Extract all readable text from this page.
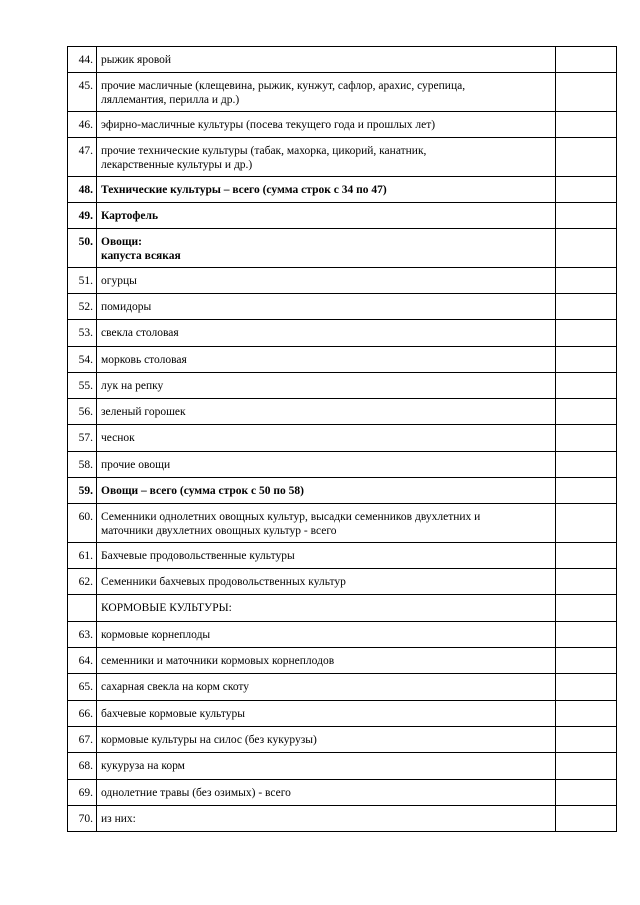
44.	рыжик яровой	

45.	прочие масличные (клещевина, рыжик, кунжут, сафлор, арахис, сурепица,
ляллемантия, перилла и др.)	

46.	эфирно-масличные культуры (посева текущего года и прошлых лет)	

47.	прочие технические культуры (табак, махорка, цикорий, канатник,
лекарственные культуры и др.)	

48.	Технические культуры – всего (сумма строк с 34 по 47)	

49.	Картофель	

50.	Овощи:
капуста всякая	

51.	огурцы	

52.	помидоры	

53.	свекла столовая	

54.	морковь столовая	

55.	лук на репку	

56.	зеленый горошек	

57.	чеснок	

58.	прочие овощи	

59.	Овощи – всего (сумма строк с 50 по 58)	

60.	Семенники однолетних овощных культур, высадки семенников двухлетних и
маточники двухлетних овощных культур - всего	

61.	Бахчевые продовольственные культуры	

62.	Семенники бахчевых продовольственных культур	

	КОРМОВЫЕ КУЛЬТУРЫ:	

63.	кормовые корнеплоды	

64.	семенники и маточники кормовых корнеплодов	

65.	сахарная свекла на корм скоту	

66.	бахчевые кормовые культуры	

67.	кормовые культуры на силос (без кукурузы)	

68.	кукуруза на корм	

69.	однолетние травы (без озимых) - всего	

70.	из них:	
